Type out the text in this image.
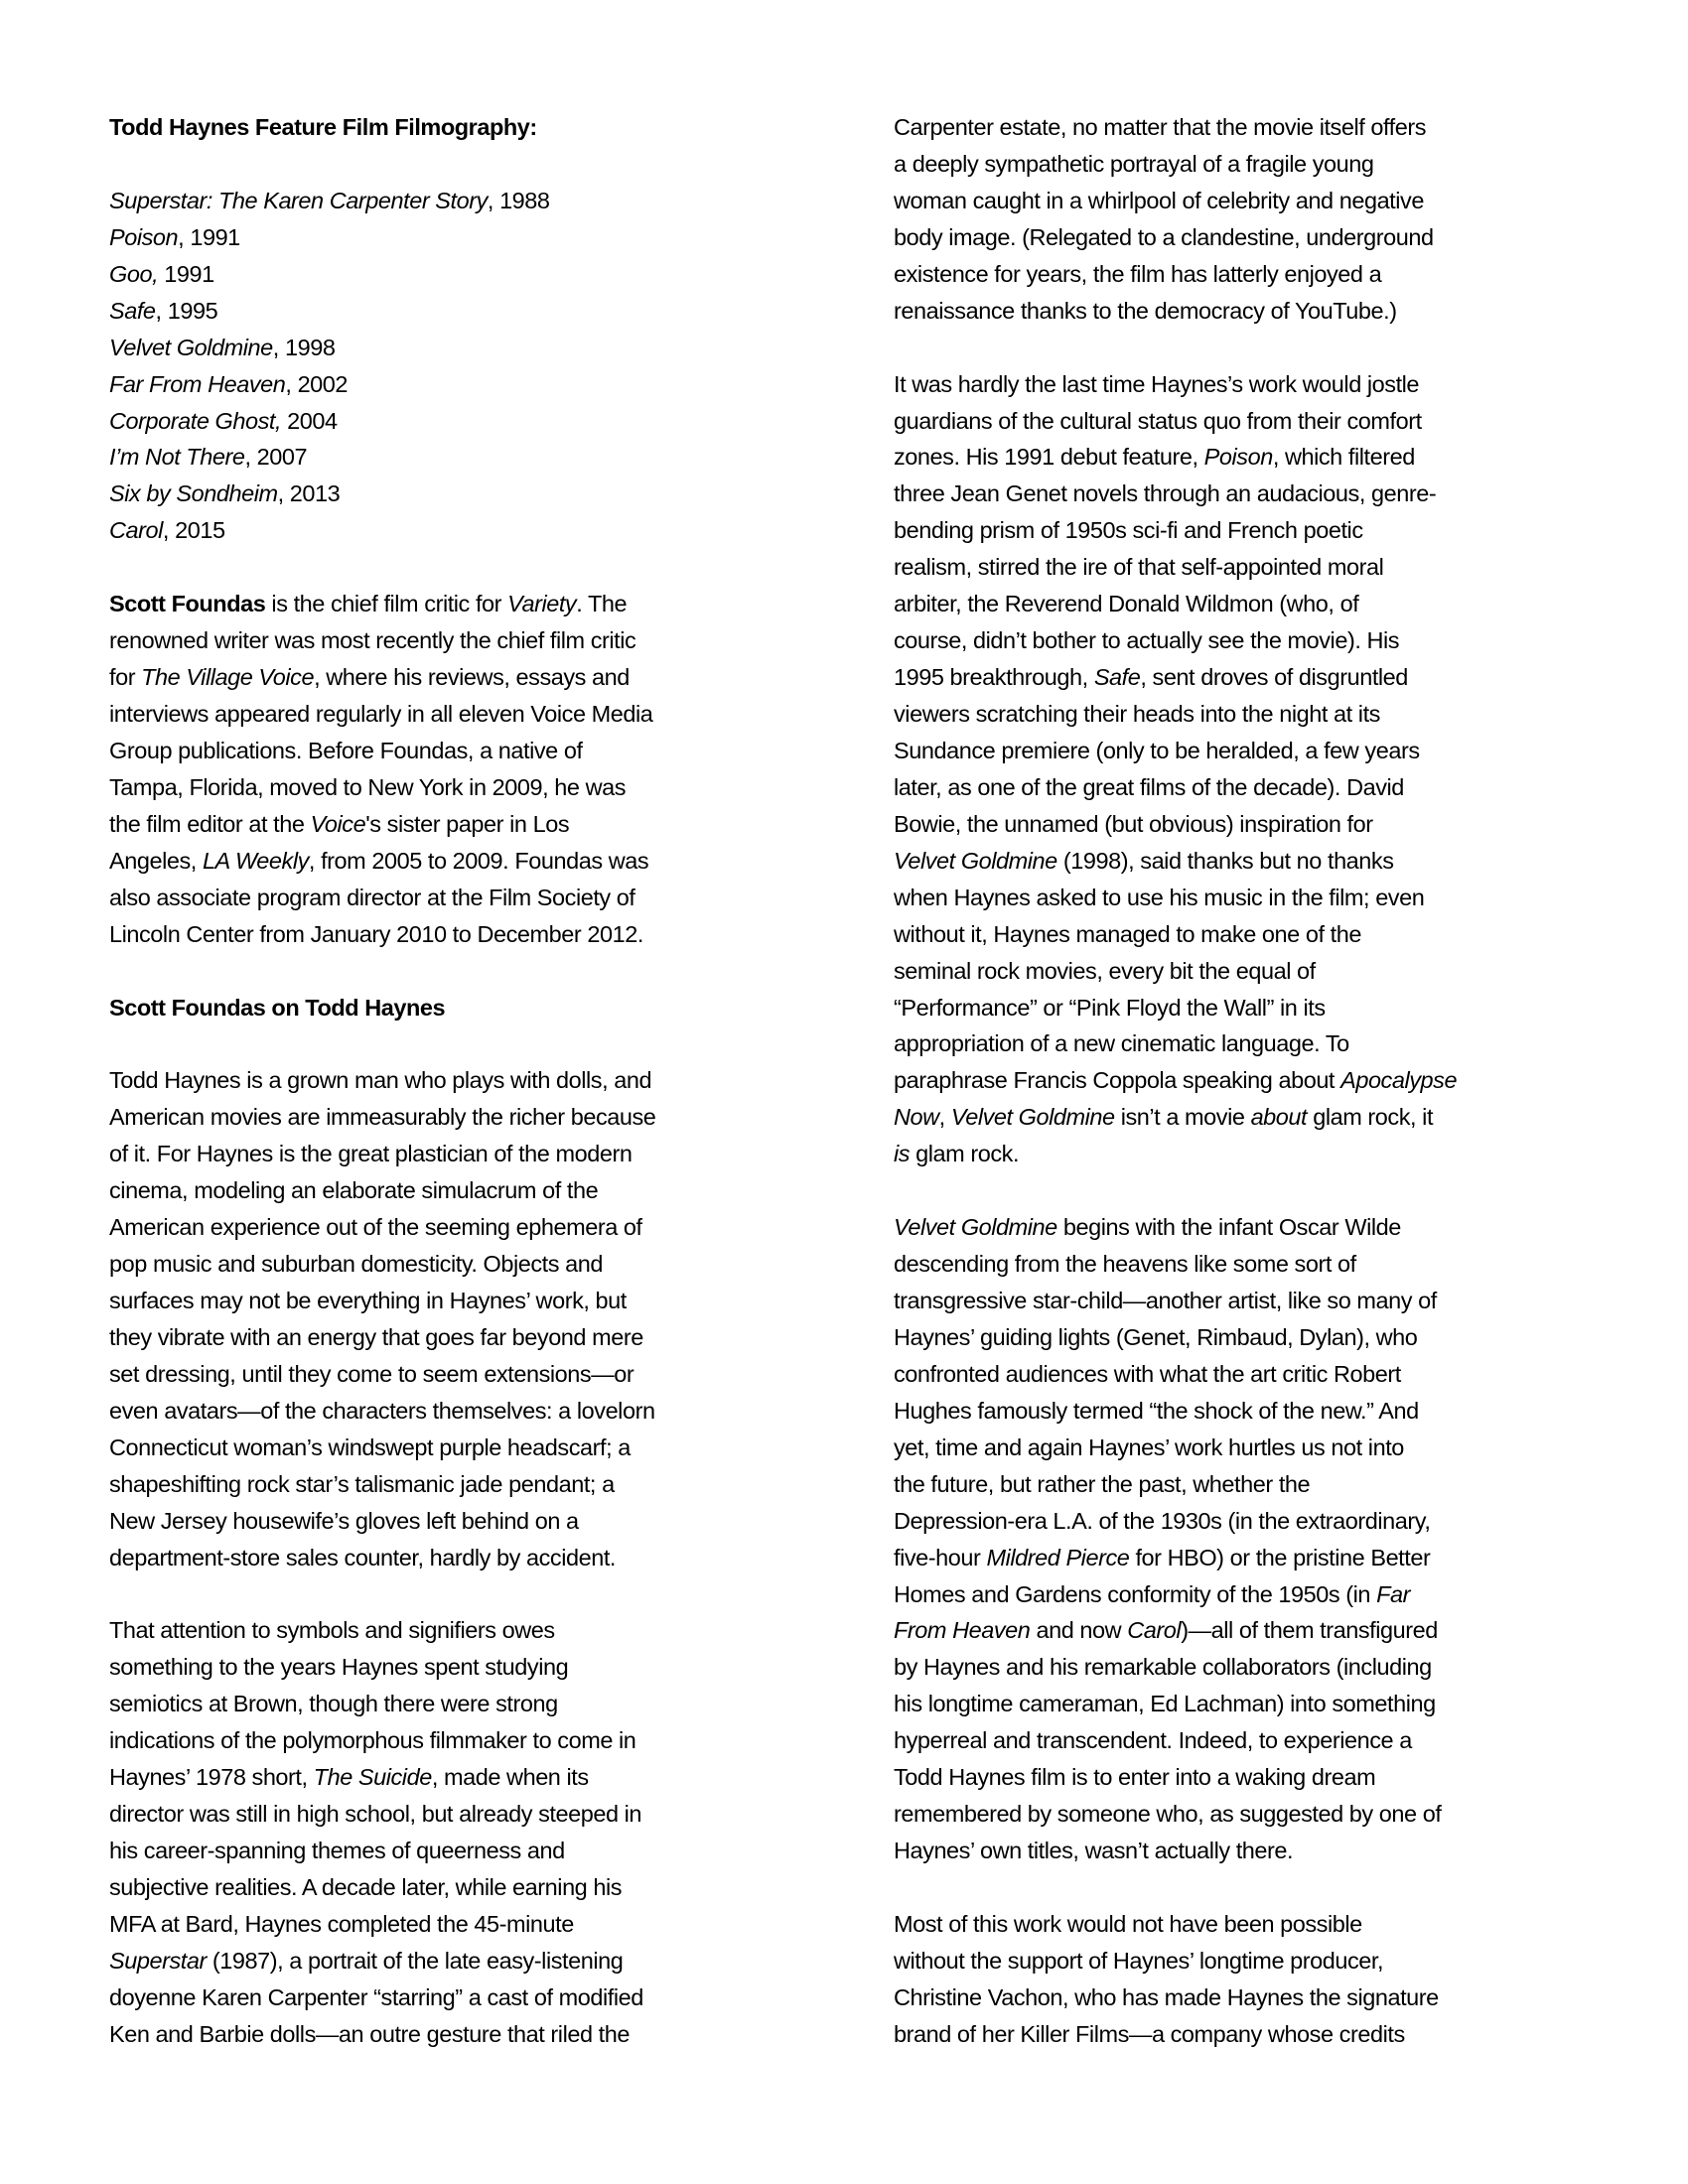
Todd Haynes Feature Film Filmography:
Superstar: The Karen Carpenter Story, 1988
Poison, 1991
Goo, 1991
Safe, 1995
Velvet Goldmine, 1998
Far From Heaven, 2002
Corporate Ghost, 2004
I’m Not There, 2007
Six by Sondheim, 2013
Carol, 2015
Scott Foundas is the chief film critic for Variety. The
renowned writer was most recently the chief film critic
for The Village Voice, where his reviews, essays and
interviews appeared regularly in all eleven Voice Media
Group publications. Before Foundas, a native of
Tampa, Florida, moved to New York in 2009, he was
the film editor at the Voice's sister paper in Los
Angeles, LA Weekly, from 2005 to 2009. Foundas was
also associate program director at the Film Society of
Lincoln Center from January 2010 to December 2012.
Scott Foundas on Todd Haynes
Todd Haynes is a grown man who plays with dolls, and
American movies are immeasurably the richer because
of it. For Haynes is the great plastician of the modern
cinema, modeling an elaborate simulacrum of the
American experience out of the seeming ephemera of
pop music and suburban domesticity. Objects and
surfaces may not be everything in Haynes’ work, but
they vibrate with an energy that goes far beyond mere
set dressing, until they come to seem extensions—or
even avatars—of the characters themselves: a lovelorn
Connecticut woman’s windswept purple headscarf; a
shapeshifting rock star’s talismanic jade pendant; a
New Jersey housewife’s gloves left behind on a
department-store sales counter, hardly by accident.
That attention to symbols and signifiers owes
something to the years Haynes spent studying
semiotics at Brown, though there were strong
indications of the polymorphous filmmaker to come in
Haynes’ 1978 short, The Suicide, made when its
director was still in high school, but already steeped in
his career-spanning themes of queerness and
subjective realities. A decade later, while earning his
MFA at Bard, Haynes completed the 45-minute
Superstar (1987), a portrait of the late easy-listening
doyenne Karen Carpenter “starring” a cast of modified
Ken and Barbie dolls—an outre gesture that riled the
Carpenter estate, no matter that the movie itself offers
a deeply sympathetic portrayal of a fragile young
woman caught in a whirlpool of celebrity and negative
body image. (Relegated to a clandestine, underground
existence for years, the film has latterly enjoyed a
renaissance thanks to the democracy of YouTube.)
It was hardly the last time Haynes’s work would jostle
guardians of the cultural status quo from their comfort
zones. His 1991 debut feature, Poison, which filtered
three Jean Genet novels through an audacious, genre-
bending prism of 1950s sci-fi and French poetic
realism, stirred the ire of that self-appointed moral
arbiter, the Reverend Donald Wildmon (who, of
course, didn’t bother to actually see the movie). His
1995 breakthrough, Safe, sent droves of disgruntled
viewers scratching their heads into the night at its
Sundance premiere (only to be heralded, a few years
later, as one of the great films of the decade). David
Bowie, the unnamed (but obvious) inspiration for
Velvet Goldmine (1998), said thanks but no thanks
when Haynes asked to use his music in the film; even
without it, Haynes managed to make one of the
seminal rock movies, every bit the equal of
“Performance” or “Pink Floyd the Wall” in its
appropriation of a new cinematic language. To
paraphrase Francis Coppola speaking about Apocalypse
Now, Velvet Goldmine isn’t a movie about glam rock, it
is glam rock.
Velvet Goldmine begins with the infant Oscar Wilde
descending from the heavens like some sort of
transgressive star-child—another artist, like so many of
Haynes’ guiding lights (Genet, Rimbaud, Dylan), who
confronted audiences with what the art critic Robert
Hughes famously termed “the shock of the new.” And
yet, time and again Haynes’ work hurtles us not into
the future, but rather the past, whether the
Depression-era L.A. of the 1930s (in the extraordinary,
five-hour Mildred Pierce for HBO) or the pristine Better
Homes and Gardens conformity of the 1950s (in Far
From Heaven and now Carol)—all of them transfigured
by Haynes and his remarkable collaborators (including
his longtime cameraman, Ed Lachman) into something
hyperreal and transcendent. Indeed, to experience a
Todd Haynes film is to enter into a waking dream
remembered by someone who, as suggested by one of
Haynes’ own titles, wasn’t actually there.
Most of this work would not have been possible
without the support of Haynes’ longtime producer,
Christine Vachon, who has made Haynes the signature
brand of her Killer Films—a company whose credits
